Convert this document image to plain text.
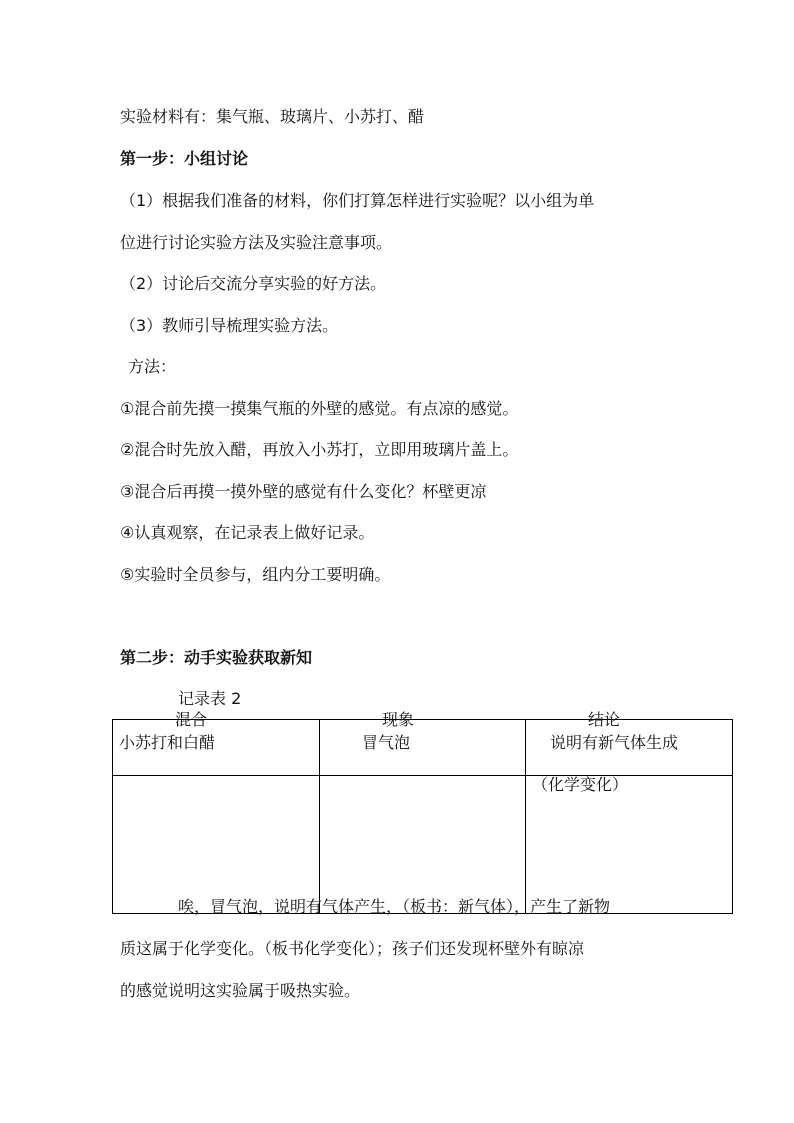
实验材料有：集气瓶、玻璃片、小苏打、醋
第一步：小组讨论
（1）根据我们准备的材料，你们打算怎样进行实验呢？以小组为单
位进行讨论实验方法及实验注意事项。
（2）讨论后交流分享实验的好方法。
（3）教师引导梳理实验方法。
方法：
①混合前先摸一摸集气瓶的外壁的感觉。有点凉的感觉。
②混合时先放入醋，再放入小苏打，立即用玻璃片盖上。
③混合后再摸一摸外壁的感觉有什么变化？杯壁更凉
④认真观察，在记录表上做好记录。
⑤实验时全员参与，组内分工要明确。
第二步：动手实验获取新知
记录表 2
混合	现象	结论

小苏打和白醋	冒气泡	说明有新气体生成
（化学变化）
唉，冒气泡，说明有气体产生，（板书：新气体），产生了新物
质这属于化学变化。（板书化学变化）；孩子们还发现杯壁外有晾凉
的感觉说明这实验属于吸热实验。
